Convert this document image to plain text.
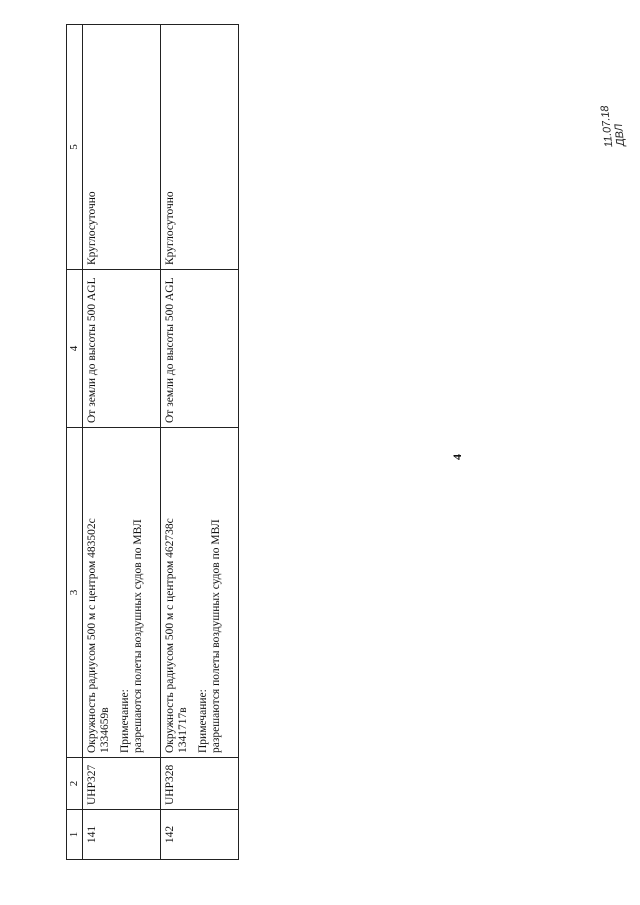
4
1	2	3	4	5
141	UHP327	Окружность радиусом 500 м с центром 483502с 1334659в Примечание: разрешаются полеты воздушных судов по МВЛ	От земли до высоты 500 AGL	Круглосуточно
142	UHP328	Окружность радиусом 500 м с центром 462738с 1341717в Примечание: разрешаются полеты воздушных судов по МВЛ	От земли до высоты 500 AGL	Круглосуточно
11.07.18
ДВЛ
